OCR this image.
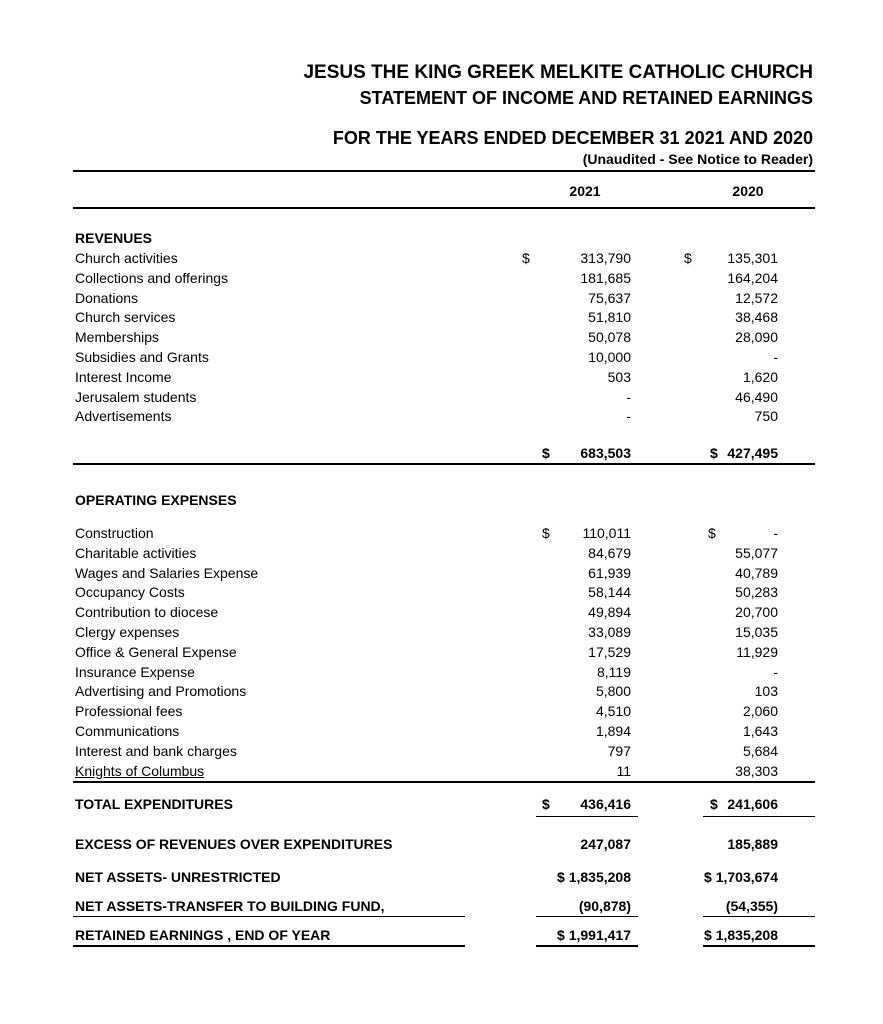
JESUS THE KING GREEK MELKITE CATHOLIC CHURCH
STATEMENT OF INCOME AND RETAINED EARNINGS
FOR THE YEARS ENDED DECEMBER 31 2021 AND 2020
(Unaudited - See Notice to Reader)
2021	2020
REVENUES
$	$
Church activities	313,790	135,301
Collections and offerings	181,685	164,204
Donations	75,637	12,572
Church services	51,810	38,468
Memberships	50,078	28,090
Subsidies and Grants	10,000	-
Interest Income	503	1,620
Jerusalem students	-	46,490
Advertisements	-	750
$ 683,503	$ 427,495
OPERATING EXPENSES
$	$
Construction	110,011	-
Charitable activities	84,679	55,077
Wages and Salaries Expense	61,939	40,789
Occupancy Costs	58,144	50,283
Contribution to diocese	49,894	20,700
Clergy expenses	33,089	15,035
Office & General Expense	17,529	11,929
Insurance Expense	8,119	-
Advertising and Promotions	5,800	103
Professional fees	4,510	2,060
Communications	1,894	1,643
Interest and bank charges	797	5,684
Knights of Columbus	11	38,303
TOTAL EXPENDITURES	$ 436,416	$ 241,606
EXCESS OF REVENUES OVER EXPENDITURES	247,087	185,889
NET ASSETS- UNRESTRICTED	$ 1,835,208	$ 1,703,674
NET ASSETS-TRANSFER TO BUILDING FUND,	(90,878)	(54,355)
RETAINED EARNINGS , END OF YEAR	$ 1,991,417	$ 1,835,208
